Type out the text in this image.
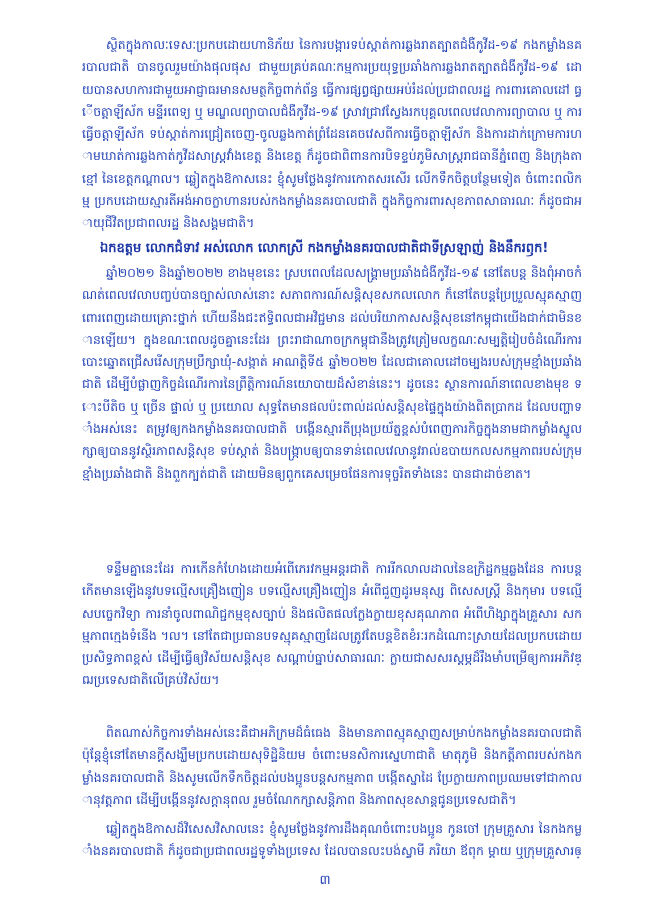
ស្ថិតក្នុងកាលៈទេសៈប្រកបដោយហានិភ័យ នៃការបង្ការទប់ស្កាត់ការឆ្លងរាតត្បាតជំងឺកូវីដ-១៩ កងកម្លាំងនគរបាលជាតិ បានចូលរួមយ៉ាងផុលផុស ជាមួយគ្រប់គណៈកម្មការប្រយុទ្ធប្រឆាំងការឆ្លងរាតត្បាតជំងឺកូវីដ-១៩ ដោយបានសហការជាមួយអាជ្ញាធរមានសមត្ថកិច្ចពាក់ព័ន្ធ ធ្វើការផ្សព្វផ្សាយអប់រំដល់ប្រជាពលរដ្ឋ ការពារគោលដៅ ធ្វើចត្តាឡីស័ក មន្ទីរពេទ្យ ឬ មណ្ឌលព្យាបាលជំងឺកូវីដ-១៩ ស្រាវជ្រាវស្វែងរកបុគ្គលពេលវេលាការព្យាបាល ឬ ការធ្វើចត្តាឡីស័ក ទប់ស្កាត់ការជ្រៀតចេញ-ចូលឆ្លងកាត់ព្រំដែនគេចវេសពីការធ្វើចត្តាឡីស័ក និងការដាក់ក្រោមការហាមឃាត់ការឆ្លងកាត់កូវីដសាស្ត្រវាំងខេត្ត និងខេត្ត ក៏ដូចជាពិពានការបិទខ្ទប់ភូមិសាស្ត្ររាជធានីភ្នំពេញ និងក្រុងតាខ្មៅ នៃខេត្តកណ្តាល។ ឆ្លៀតក្នុងឱកាសនេះ ខ្ញុំសូមថ្លែងនូវការកោតសរសើរ លើកទឹកចិត្តបន្ថែមទៀត ចំពោះពលិកម្ម ប្រកបដោយស្មារតីអង់អាចក្លាហានរបស់កងកម្លាំងនគរបាលជាតិ ក្នុងកិច្ចការពារសុខភាពសាធារណៈ ក៏ដូចជាអាយុជីវិតប្រជាពលរដ្ឋ និងសង្គមជាតិ។

ឯកឧត្តម លោកជំទាវ អស់លោក លោកស្រី កងកម្លាំងនគរបាលជាតិជាទីស្រឡាញ់ និងនឹករឭក!

ឆ្នាំ២០២១ និងឆ្នាំ២០២២ ខាងមុខនេះ ស្របពេលដែលសង្គ្រាមប្រឆាំងជំងឺកូវីដ-១៩ នៅតែបន្ត និងពុំអាចកំណត់ពេលវេលាបញ្ចប់បានច្បាស់លាស់នោះ សភាពការណ៍សន្តិសុខសកលលោក ក៏នៅតែបន្តប្រែប្រួលស្មុគស្មាញពោរពេញដោយគ្រោះថ្នាក់ ហើយនឹងជះឥទ្ធិពលជាអវិជ្ជមាន ដល់បរិយាកាសសន្តិសុខនៅកម្ពុជាយើងជាក់ជាមិនខានឡើយ។ ក្នុងខណៈពេលដូចគ្នានេះដែរ ព្រះរាជាណាចក្រកម្ពុជានឹងត្រូវត្រៀមលក្ខណៈសម្បត្តិរៀបចំដំណើរការបោះឆ្នោតជ្រើសរើសក្រុមប្រឹក្សាឃុំ-សង្កាត់ អាណត្តិទី៥ ឆ្នាំ២០២២ ដែលជាគោលដៅចម្បងរបស់ក្រុមខ្មាំងប្រឆាំងជាតិ ដើម្បីបំផ្លាញកិច្ចដំណើរការនៃព្រឹត្តិការណ៍នយោបាយដ៏សំខាន់នេះ។ ដូចនេះ ស្ថានការណ៍នាពេលខាងមុខ ទោះបីតិច ឬ ច្រើន ផ្ទាល់ ឬ ប្រយោល សុទ្ធតែមានផលប៉ះពាល់ដល់សន្តិសុខផ្ទៃក្នុងយ៉ាងពិតប្រាកដ ដែលបញ្ហាទាំងអស់នេះ តម្រូវឲ្យកងកម្លាំងនគរបាលជាតិ បង្កើនស្មារតីប្រុងប្រយ័ត្នខ្ពស់បំពេញភារកិច្ចក្នុងនាមជាកម្លាំងស្នូល ក្សាឲ្យបាននូវស្ថិរភាពសន្តិសុខ ទប់ស្កាត់ និងបង្ក្រាបឲ្យបានទាន់ពេលវេលានូវរាល់ឧបាយកលសកម្មភាពរបស់ក្រុមខ្មាំងប្រឆាំងជាតិ និងពួកក្បត់ជាតិ ដោយមិនឲ្យពួកគេសម្រេចផែនការទុច្ចរិតទាំងនេះ បានជាដាច់ខាត។

ទន្ទឹមគ្នានេះដែរ ការកើនកំហែងដោយអំពើភេរវកម្មអន្តរជាតិ ការរីកលាលដាលនៃឧក្រិដ្ឋកម្មឆ្លងដែន ការបន្តកើតមានឡើងនូវបទល្មើសគ្រឿងញៀន បទល្មើសគ្រឿងញៀន អំពើជួញដូរមនុស្ស ពិសេសស្ត្រី និងកុមារ បទល្មើសបច្ចេកវិទ្យា ការនាំចូលពាណិជ្ជកម្មខុសច្បាប់ និងផលិតផលក្លែងក្លាយខុសគុណភាព អំពើហិង្សាក្នុងគ្រួសារ សកម្មភាពក្មេងទំនើង ។ល។ នៅតែជាប្រធានបទស្មុគស្មាញដែលត្រូវតែបន្តខិតខំរៈរកដំណោះស្រាយដែលប្រកបដោយប្រសិទ្ធភាពខ្ពស់ ដើម្បីធ្វើឲ្យវិស័យសន្តិសុខ សណ្តាប់ធ្នាប់សាធារណៈ ក្លាយជាសសរស្តម្ភដ៏រឹងមាំបម្រើឲ្យការអភិវឌ្ឍប្រទេសជាតិលើគ្រប់វិស័យ។

ពិតណាស់កិច្ចការទាំងអស់នេះគឺជាអភិក្រមដ៏ធំធេង និងមានភាពស្មុគស្មាញសម្រាប់កងកម្លាំងនគរបាលជាតិ ប៉ុន្តែខ្ញុំនៅតែមានក្តីសង្ឃឹមប្រកបដោយសុទិដ្ឋិនិយម ចំពោះមនសិការស្នេហាជាតិ មាតុភូមិ និងកត្តីភាពរបស់កងកម្លាំងនគរបាលជាតិ និងសូមលើកទឹកចិត្តដល់បងប្អូនបន្តសកម្មភាព បង្កើតស្នាដៃ ប្រែក្លាយភាពប្រឈមទៅជាកាលានុវត្តភាព ដើម្បីបង្កើននូវសក្តានុពល រួមចំណែកក្សាសន្តិភាព និងភាពសុខសាន្តជូនប្រទេសជាតិ។

ឆ្លៀតក្នុងឱកាសដ៏វិសេសវិសាលនេះ ខ្ញុំសូមថ្លែងនូវការដឹងគុណចំពោះបងប្អូន កូនចៅ ក្រុមគ្រួសារ នៃកងកម្លាំងនគរបាលជាតិ ក៏ដូចជាប្រជាពលរដ្ឋទូទាំងប្រទេស ដែលបានលះបង់ស្វាមី ភរិយា ឪពុក ម្តាយ ឬក្រុមគ្រួសារឲ្

៣
